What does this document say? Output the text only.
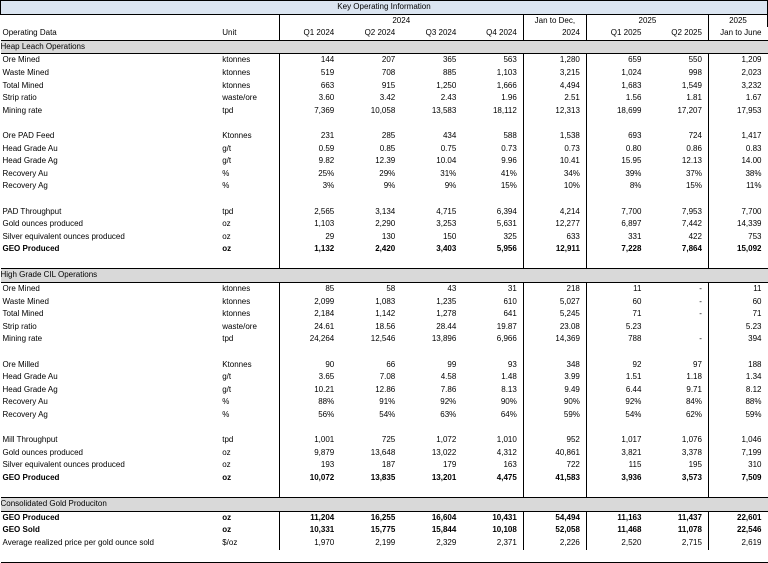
Key Operating Information									
		2024				Jan to Dec,	2025		2025
Operating Data	Unit	Q1 2024	Q2 2024	Q3 2024	Q4 2024	2024	Q1 2025	Q2 2025	Jan to June
Heap Leach Operations									
Ore Mined	ktonnes	144	207	365	563	1,280	659	550	1,209
Waste Mined	ktonnes	519	708	885	1,103	3,215	1,024	998	2,023
Total Mined	ktonnes	663	915	1,250	1,666	4,494	1,683	1,549	3,232
Strip ratio	waste/ore	3.60	3.42	2.43	1.96	2.51	1.56	1.81	1.67
Mining rate	tpd	7,369	10,058	13,583	18,112	12,313	18,699	17,207	17,953

Ore PAD Feed	Ktonnes	231	285	434	588	1,538	693	724	1,417
Head Grade Au	g/t	0.59	0.85	0.75	0.73	0.73	0.80	0.86	0.83
Head Grade Ag	g/t	9.82	12.39	10.04	9.96	10.41	15.95	12.13	14.00
Recovery Au	%	25%	29%	31%	41%	34%	39%	37%	38%
Recovery Ag	%	3%	9%	9%	15%	10%	8%	15%	11%

PAD Throughput	tpd	2,565	3,134	4,715	6,394	4,214	7,700	7,953	7,700
Gold ounces produced	oz	1,103	2,290	3,253	5,631	12,277	6,897	7,442	14,339
Silver equivalent ounces produced	oz	29	130	150	325	633	331	422	753
GEO Produced	oz	1,132	2,420	3,403	5,956	12,911	7,228	7,864	15,092

High Grade CIL Operations									
Ore Mined	ktonnes	85	58	43	31	218	11	-	11
Waste Mined	ktonnes	2,099	1,083	1,235	610	5,027	60	-	60
Total Mined	ktonnes	2,184	1,142	1,278	641	5,245	71	-	71
Strip ratio	waste/ore	24.61	18.56	28.44	19.87	23.08	5.23		5.23
Mining rate	tpd	24,264	12,546	13,896	6,966	14,369	788	-	394

Ore Milled	Ktonnes	90	66	99	93	348	92	97	188
Head Grade Au	g/t	3.65	7.08	4.58	1.48	3.99	1.51	1.18	1.34
Head Grade Ag	g/t	10.21	12.86	7.86	8.13	9.49	6.44	9.71	8.12
Recovery Au	%	88%	91%	92%	90%	90%	92%	84%	88%
Recovery Ag	%	56%	54%	63%	64%	59%	54%	62%	59%

Mill Throughput	tpd	1,001	725	1,072	1,010	952	1,017	1,076	1,046
Gold ounces produced	oz	9,879	13,648	13,022	4,312	40,861	3,821	3,378	7,199
Silver equivalent ounces produced	oz	193	187	179	163	722	115	195	310
GEO Produced	oz	10,072	13,835	13,201	4,475	41,583	3,936	3,573	7,509

Consolidated Gold Produciton									
GEO Produced	oz	11,204	16,255	16,604	10,431	54,494	11,163	11,437	22,601
GEO Sold	oz	10,331	15,775	15,844	10,108	52,058	11,468	11,078	22,546
Average realized price per gold ounce sold	$/oz	1,970	2,199	2,329	2,371	2,226	2,520	2,715	2,619
